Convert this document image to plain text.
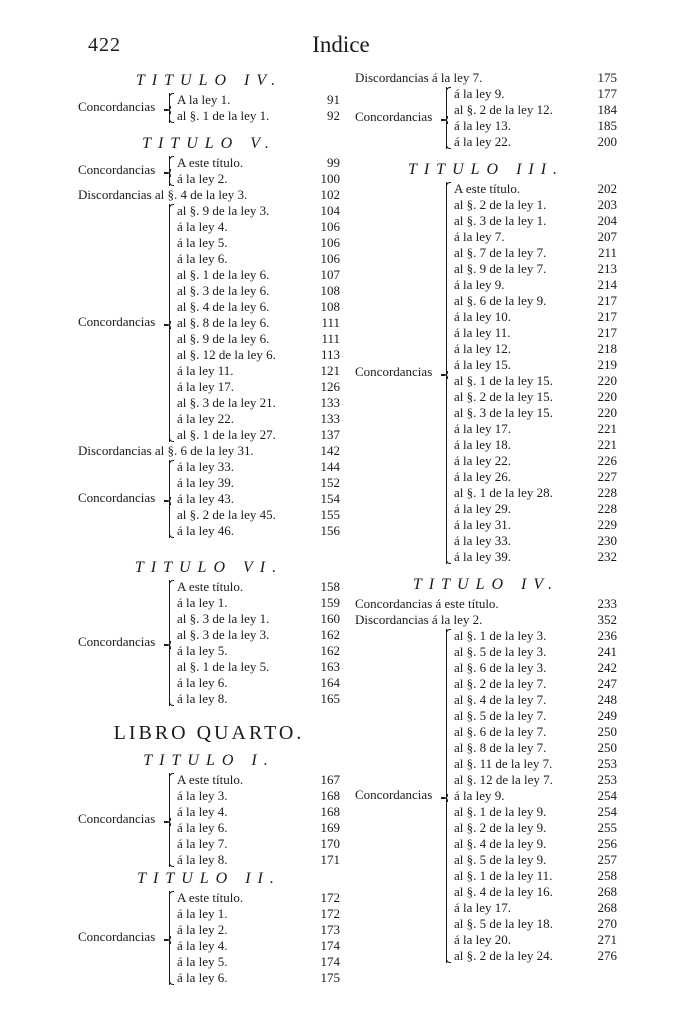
422	Indice
TITULO IV.
Concordancias A la ley 1.	91
al §. 1 de la ley 1.	92
TITULO V.
Concordancias A este título.	99
á la ley 2.	100
Discordancias al §. 4 de la ley 3.	102
Concordancias
al §. 9 de la ley 3.	104
á la ley 4.	106
á la ley 5.	106
á la ley 6.	106
al §. 1 de la ley 6.	107
al §. 3 de la ley 6.	108
al §. 4 de la ley 6.	108
al §. 8 de la ley 6.	111
al §. 9 de la ley 6.	111
al §. 12 de la ley 6.	113
á la ley 11.	121
á la ley 17.	126
al §. 3 de la ley 21.	133
á la ley 22.	133
al §. 1 de la ley 27.	137
Discordancias al §. 6 de la ley 31.	142
Concordancias
á la ley 33.	144
á la ley 39.	152
á la ley 43.	154
al §. 2 de la ley 45.	155
á la ley 46.	156
TITULO VI.
Concordancias
A este título.	158
á la ley 1.	159
al §. 3 de la ley 1.	160
al §. 3 de la ley 3.	162
á la ley 5.	162
al §. 1 de la ley 5.	163
á la ley 6.	164
á la ley 8.	165
LIBRO QUARTO.
TITULO I.
Concordancias
A este título.	167
á la ley 3.	168
á la ley 4.	168
á la ley 6.	169
á la ley 7.	170
á la ley 8.	171
TITULO II.
Concordancias
A este título.	172
á la ley 1.	172
á la ley 2.	173
á la ley 4.	174
á la ley 5.	174
á la ley 6.	175
Discordancias á la ley 7.	175
Concordancias
á la ley 9.	177
al §. 2 de la ley 12.	184
á la ley 13.	185
á la ley 22.	200
TITULO III.
Concordancias
A este título.	202
al §. 2 de la ley 1.	203
al §. 3 de la ley 1.	204
á la ley 7.	207
al §. 7 de la ley 7.	211
al §. 9 de la ley 7.	213
á la ley 9.	214
al §. 6 de la ley 9.	217
á la ley 10.	217
á la ley 11.	217
á la ley 12.	218
á la ley 15.	219
al §. 1 de la ley 15.	220
al §. 2 de la ley 15.	220
al §. 3 de la ley 15.	220
á la ley 17.	221
á la ley 18.	221
á la ley 22.	226
á la ley 26.	227
al §. 1 de la ley 28.	228
á la ley 29.	228
á la ley 31.	229
á la ley 33.	230
á la ley 39.	232
TITULO IV.
Concordancias á este título.	233
Discordancias á la ley 2.	352
Concordancias
al §. 1 de la ley 3.	236
al §. 5 de la ley 3.	241
al §. 6 de la ley 3.	242
al §. 2 de la ley 7.	247
al §. 4 de la ley 7.	248
al §. 5 de la ley 7.	249
al §. 6 de la ley 7.	250
al §. 8 de la ley 7.	250
al §. 11 de la ley 7.	253
al §. 12 de la ley 7.	253
á la ley 9.	254
al §. 1 de la ley 9.	254
al §. 2 de la ley 9.	255
al §. 4 de la ley 9.	256
al §. 5 de la ley 9.	257
al §. 1 de la ley 11.	258
al §. 4 de la ley 16.	268
á la ley 17.	268
al §. 5 de la ley 18.	270
á la ley 20.	271
al §. 2 de la ley 24.	276
